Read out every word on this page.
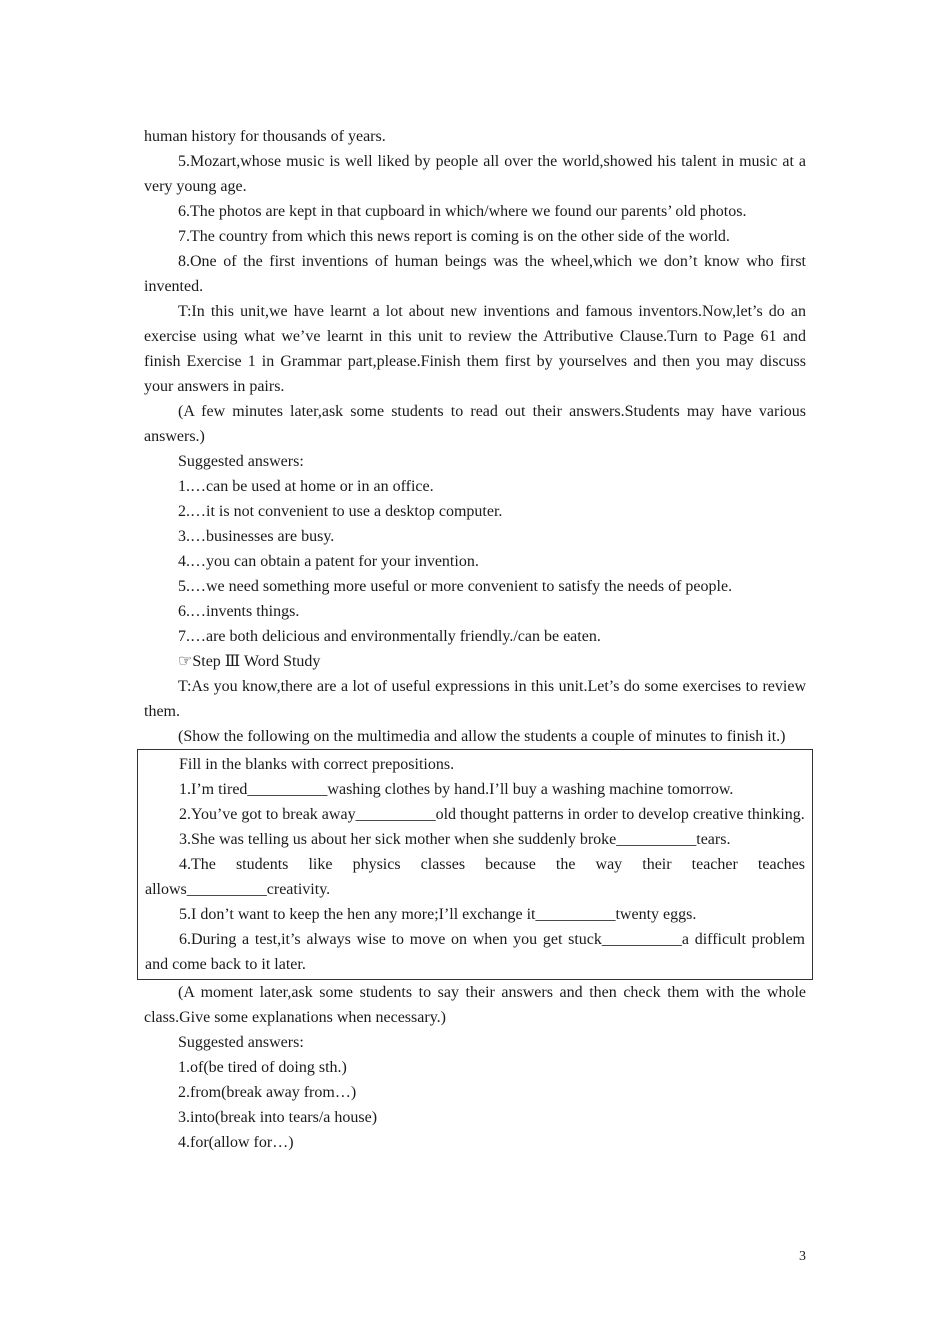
human history for thousands of years.

5.Mozart,whose music is well liked by people all over the world,showed his talent in music at a very young age.

6.The photos are kept in that cupboard in which/where we found our parents’ old photos.

7.The country from which this news report is coming is on the other side of the world.

8.One of the first inventions of human beings was the wheel,which we don’t know who first invented.

T:In this unit,we have learnt a lot about new inventions and famous inventors.Now,let’s do an exercise using what we’ve learnt in this unit to review the Attributive Clause.Turn to Page 61 and finish Exercise 1 in Grammar part,please.Finish them first by yourselves and then you may discuss your answers in pairs.

(A few minutes later,ask some students to read out their answers.Students may have various answers.)

Suggested answers:

1.…can be used at home or in an office.

2.…it is not convenient to use a desktop computer.

3.…businesses are busy.

4.…you can obtain a patent for your invention.

5.…we need something more useful or more convenient to satisfy the needs of people.

6.…invents things.

7.…are both delicious and environmentally friendly./can be eaten.

☞Step Ⅲ Word Study

T:As you know,there are a lot of useful expressions in this unit.Let’s do some exercises to review them.

(Show the following on the multimedia and allow the students a couple of minutes to finish it.)

Fill in the blanks with correct prepositions.

1.I’m tired__________washing clothes by hand.I’ll buy a washing machine tomorrow.

2.You’ve got to break away__________old thought patterns in order to develop creative thinking.

3.She was telling us about her sick mother when she suddenly broke__________tears.

4.The students like physics classes because the way their teacher teaches allows__________creativity.

5.I don’t want to keep the hen any more;I’ll exchange it__________twenty eggs.

6.During a test,it’s always wise to move on when you get stuck__________a difficult problem and come back to it later.

(A moment later,ask some students to say their answers and then check them with the whole class.Give some explanations when necessary.)

Suggested answers:

1.of(be tired of doing sth.)

2.from(break away from…)

3.into(break into tears/a house)

4.for(allow for…)

3
